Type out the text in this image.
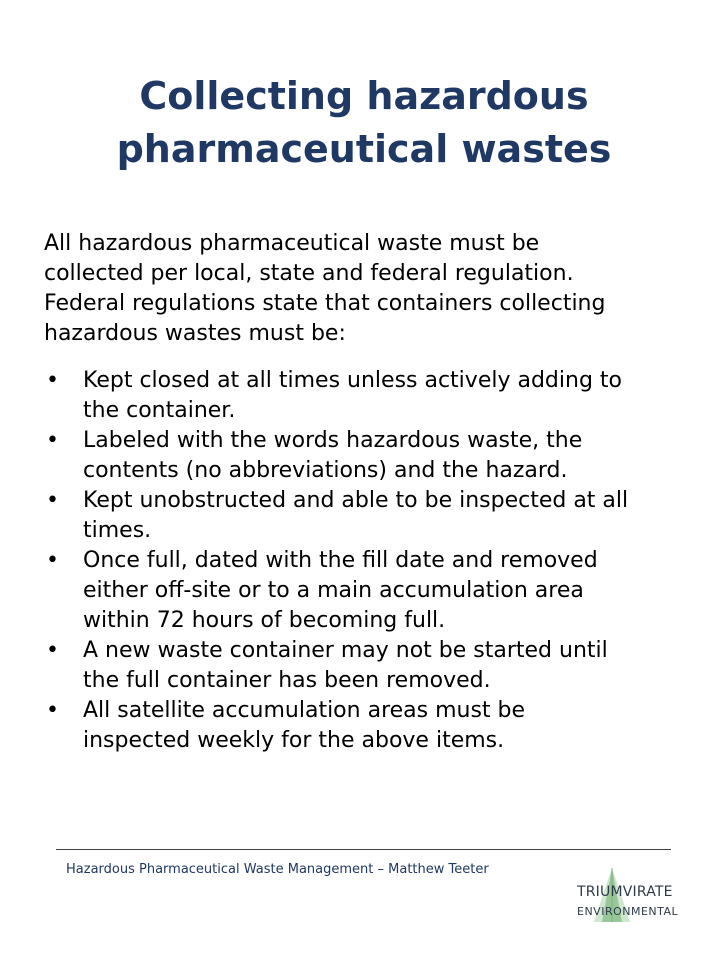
Collecting hazardous
pharmaceutical wastes
All hazardous pharmaceutical waste must be
collected per local, state and federal regulation.
Federal regulations state that containers collecting
hazardous wastes must be:
•	Kept closed at all times unless actively adding to
the container.
•	Labeled with the words hazardous waste, the
contents (no abbreviations) and the hazard.
•	Kept unobstructed and able to be inspected at all
times.
•	Once full, dated with the fill date and removed
either off-site or to a main accumulation area
within 72 hours of becoming full.
•	A new waste container may not be started until
the full container has been removed.
•	All satellite accumulation areas must be
inspected weekly for the above items.
Hazardous Pharmaceutical Waste Management – Matthew Teeter
TRIUMVIRATE
ENVIRONMENTAL
